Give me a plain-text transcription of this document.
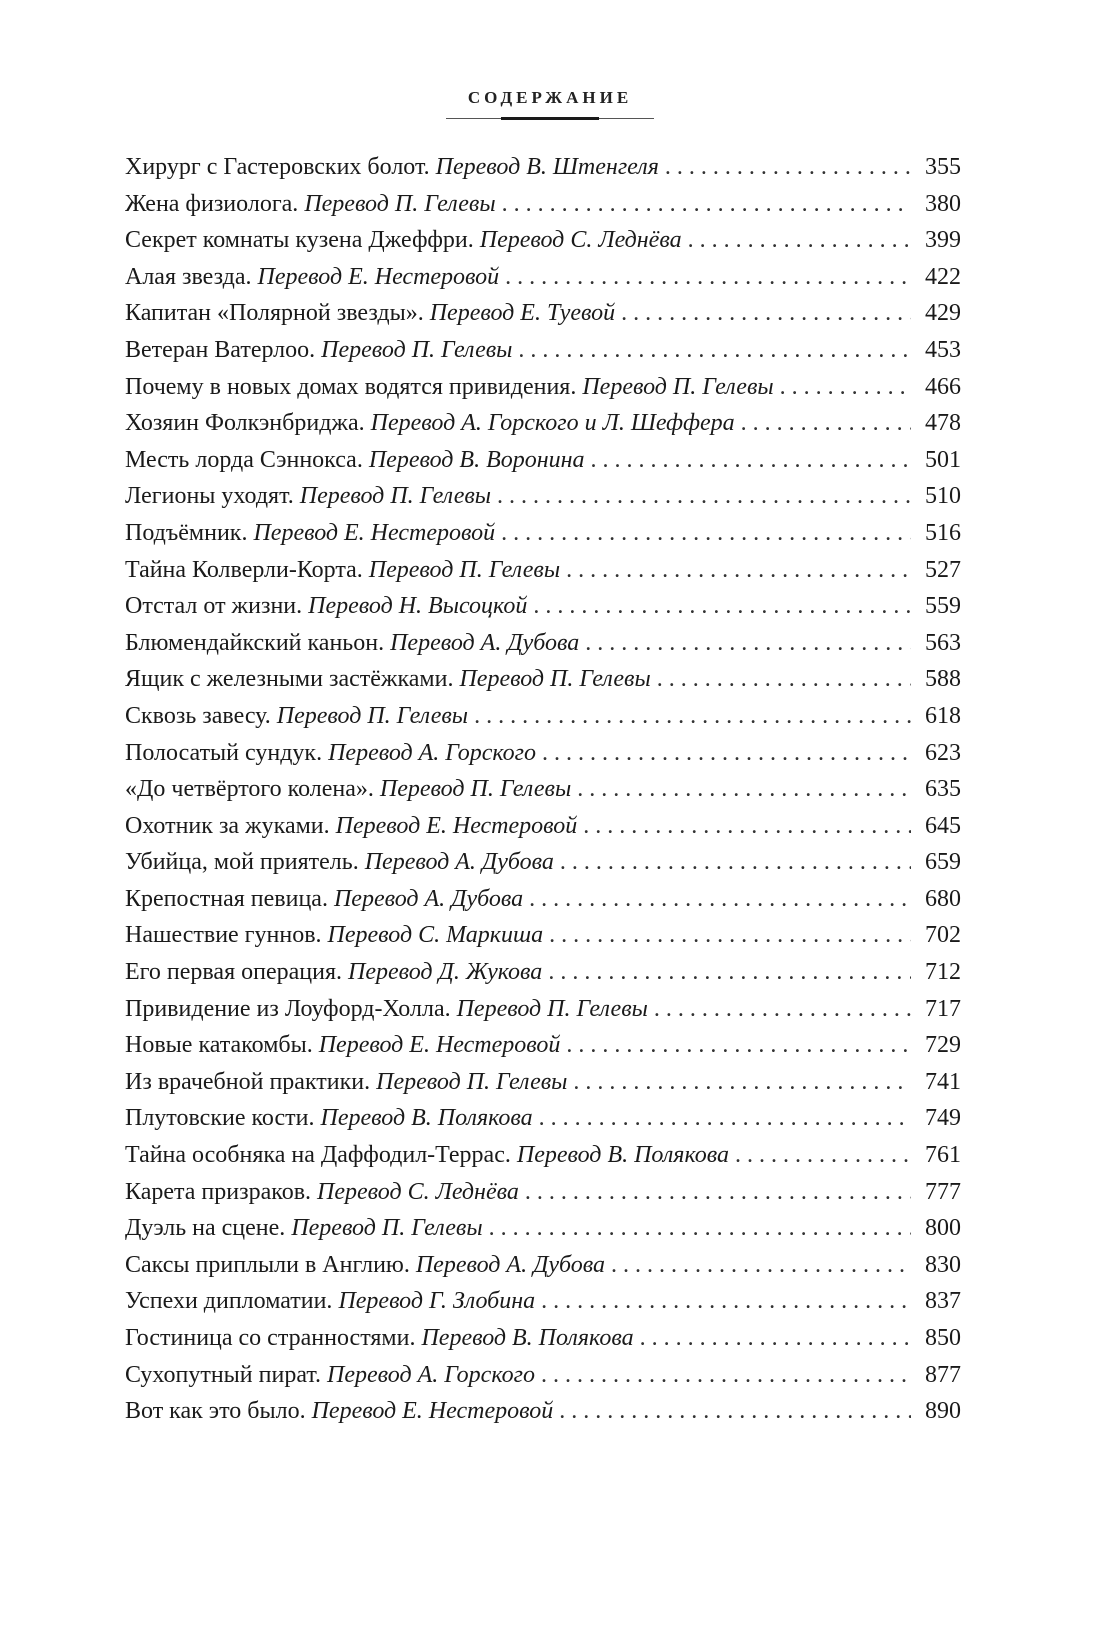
СОДЕРЖАНИЕ
Хирург с Гастеровских болот. Перевод В. Штенгеля . . .	355
Жена физиолога. Перевод П. Гелевы . . .	380
Секрет комнаты кузена Джеффри. Перевод С. Леднёва . . .	399
Алая звезда. Перевод Е. Нестеровой . . .	422
Капитан «Полярной звезды». Перевод Е. Туевой . . .	429
Ветеран Ватерлоо. Перевод П. Гелевы . . .	453
Почему в новых домах водятся привидения. Перевод П. Гелевы . . .	466
Хозяин Фолкэнбриджа. Перевод А. Горского и Л. Шеффера . . .	478
Месть лорда Сэннокса. Перевод В. Воронина . . .	501
Легионы уходят. Перевод П. Гелевы . . .	510
Подъёмник. Перевод Е. Нестеровой . . .	516
Тайна Колверли-Корта. Перевод П. Гелевы . . .	527
Отстал от жизни. Перевод Н. Высоцкой . . .	559
Блюмендайкский каньон. Перевод А. Дубова . . .	563
Ящик с железными застёжками. Перевод П. Гелевы . . .	588
Сквозь завесу. Перевод П. Гелевы . . .	618
Полосатый сундук. Перевод А. Горского . . .	623
«До четвёртого колена». Перевод П. Гелевы . . .	635
Охотник за жуками. Перевод Е. Нестеровой . . .	645
Убийца, мой приятель. Перевод А. Дубова . . .	659
Крепостная певица. Перевод А. Дубова . . .	680
Нашествие гуннов. Перевод С. Маркиша . . .	702
Его первая операция. Перевод Д. Жукова . . .	712
Привидение из Лоуфорд-Холла. Перевод П. Гелевы . . .	717
Новые катакомбы. Перевод Е. Нестеровой . . .	729
Из врачебной практики. Перевод П. Гелевы . . .	741
Плутовские кости. Перевод В. Полякова . . .	749
Тайна особняка на Даффодил-Террас. Перевод В. Полякова . . .	761
Карета призраков. Перевод С. Леднёва . . .	777
Дуэль на сцене. Перевод П. Гелевы . . .	800
Саксы приплыли в Англию. Перевод А. Дубова . . .	830
Успехи дипломатии. Перевод Г. Злобина . . .	837
Гостиница со странностями. Перевод В. Полякова . . .	850
Сухопутный пират. Перевод А. Горского . . .	877
Вот как это было. Перевод Е. Нестеровой . . .	890
